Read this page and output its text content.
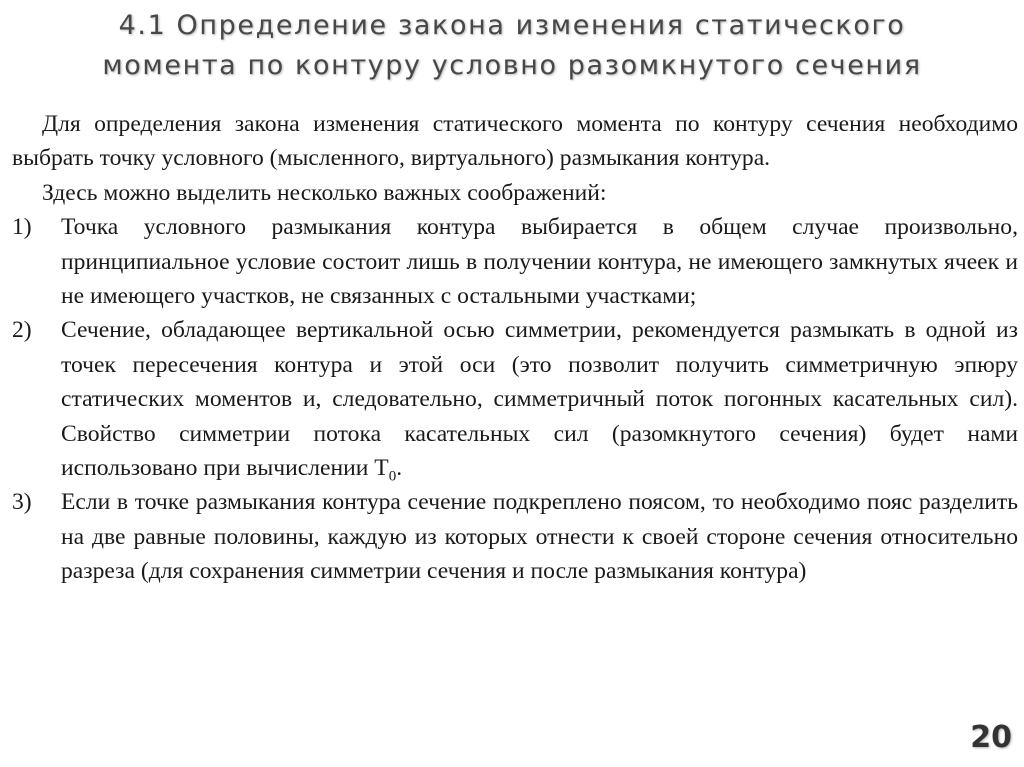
4.1 Определение закона изменения статического
момента по контуру условно разомкнутого сечения

Для определения закона изменения статического момента по контуру сечения необходимо выбрать точку условного (мысленного, виртуального) размыкания контура.

Здесь можно выделить несколько важных соображений:

1) Точка условного размыкания контура выбирается в общем случае произвольно, принципиальное условие состоит лишь в получении контура, не имеющего замкнутых ячеек и не имеющего участков, не связанных с остальными участками;
2) Сечение, обладающее вертикальной осью симметрии, рекомендуется размыкать в одной из точек пересечения контура и этой оси (это позволит получить симметричную эпюру статических моментов и, следовательно, симметричный поток погонных касательных сил). Свойство симметрии потока касательных сил (разомкнутого сечения) будет нами использовано при вычислении $T_0$.
3) Если в точке размыкания контура сечение подкреплено поясом, то необходимо пояс разделить на две равные половины, каждую из которых отнести к своей стороне сечения относительно разреза (для сохранения симметрии сечения и после размыкания контура)
20
